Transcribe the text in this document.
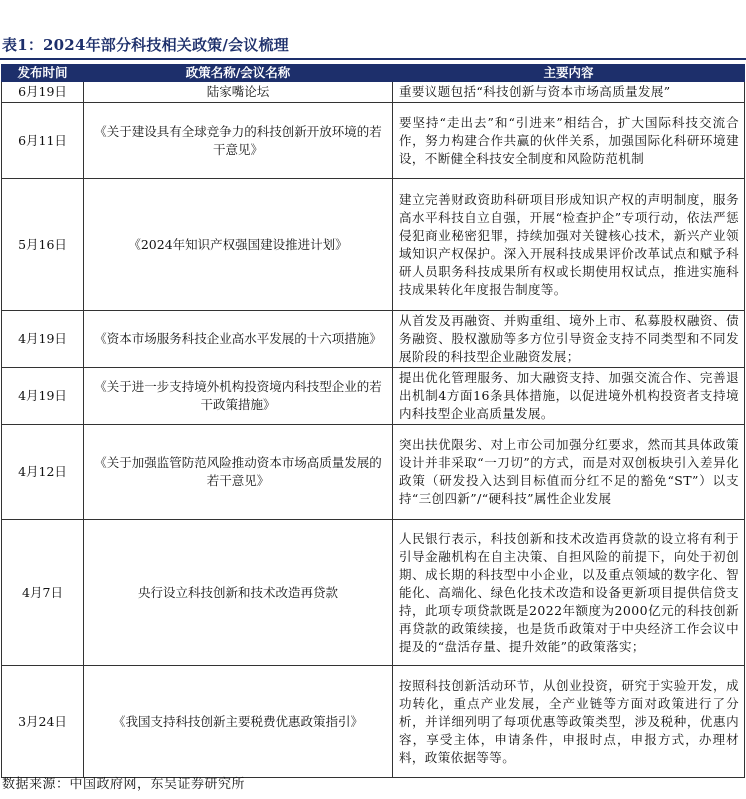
表1：2024年部分科技相关政策/会议梳理
发布时间	政策名称/会议名称	主要内容
6月19日	陆家嘴论坛	重要议题包括“科技创新与资本市场高质量发展”
6月11日	《关于建设具有全球竞争力的科技创新开放环境的若干意见》	要坚持“走出去”和“引进来”相结合，扩大国际科技交流合作，努力构建合作共赢的伙伴关系，加强国际化科研环境建设，不断健全科技安全制度和风险防范机制
5月16日	《2024年知识产权强国建设推进计划》	建立完善财政资助科研项目形成知识产权的声明制度，服务高水平科技自立自强，开展“检查护企”专项行动，依法严惩侵犯商业秘密犯罪，持续加强对关键核心技术，新兴产业领域知识产权保护。深入开展科技成果评价改革试点和赋予科研人员职务科技成果所有权或长期使用权试点，推进实施科技成果转化年度报告制度等。
4月19日	《资本市场服务科技企业高水平发展的十六项措施》	从首发及再融资、并购重组、境外上市、私募股权融资、债务融资、股权激励等多方位引导资金支持不同类型和不同发展阶段的科技型企业融资发展；
4月19日	《关于进一步支持境外机构投资境内科技型企业的若干政策措施》	提出优化管理服务、加大融资支持、加强交流合作、完善退出机制4方面16条具体措施，以促进境外机构投资者支持境内科技型企业高质量发展。
4月12日	《关于加强监管防范风险推动资本市场高质量发展的若干意见》	突出扶优限劣、对上市公司加强分红要求，然而其具体政策设计并非采取“一刀切”的方式，而是对双创板块引入差异化政策（研发投入达到目标值而分红不足的豁免“ST”）以支持“三创四新”/“硬科技”属性企业发展
4月7日	央行设立科技创新和技术改造再贷款	人民银行表示，科技创新和技术改造再贷款的设立将有利于引导金融机构在自主决策、自担风险的前提下，向处于初创期、成长期的科技型中小企业，以及重点领域的数字化、智能化、高端化、绿色化技术改造和设备更新项目提供信贷支持，此项专项贷款既是2022年额度为2000亿元的科技创新再贷款的政策续接，也是货币政策对于中央经济工作会议中提及的“盘活存量、提升效能”的政策落实；
3月24日	《我国支持科技创新主要税费优惠政策指引》	按照科技创新活动环节，从创业投资，研究于实验开发，成功转化，重点产业发展，全产业链等方面对政策进行了分析，并详细列明了每项优惠等政策类型，涉及税种，优惠内容，享受主体，申请条件，申报时点，申报方式，办理材料，政策依据等等。
数据来源：中国政府网，东吴证券研究所
